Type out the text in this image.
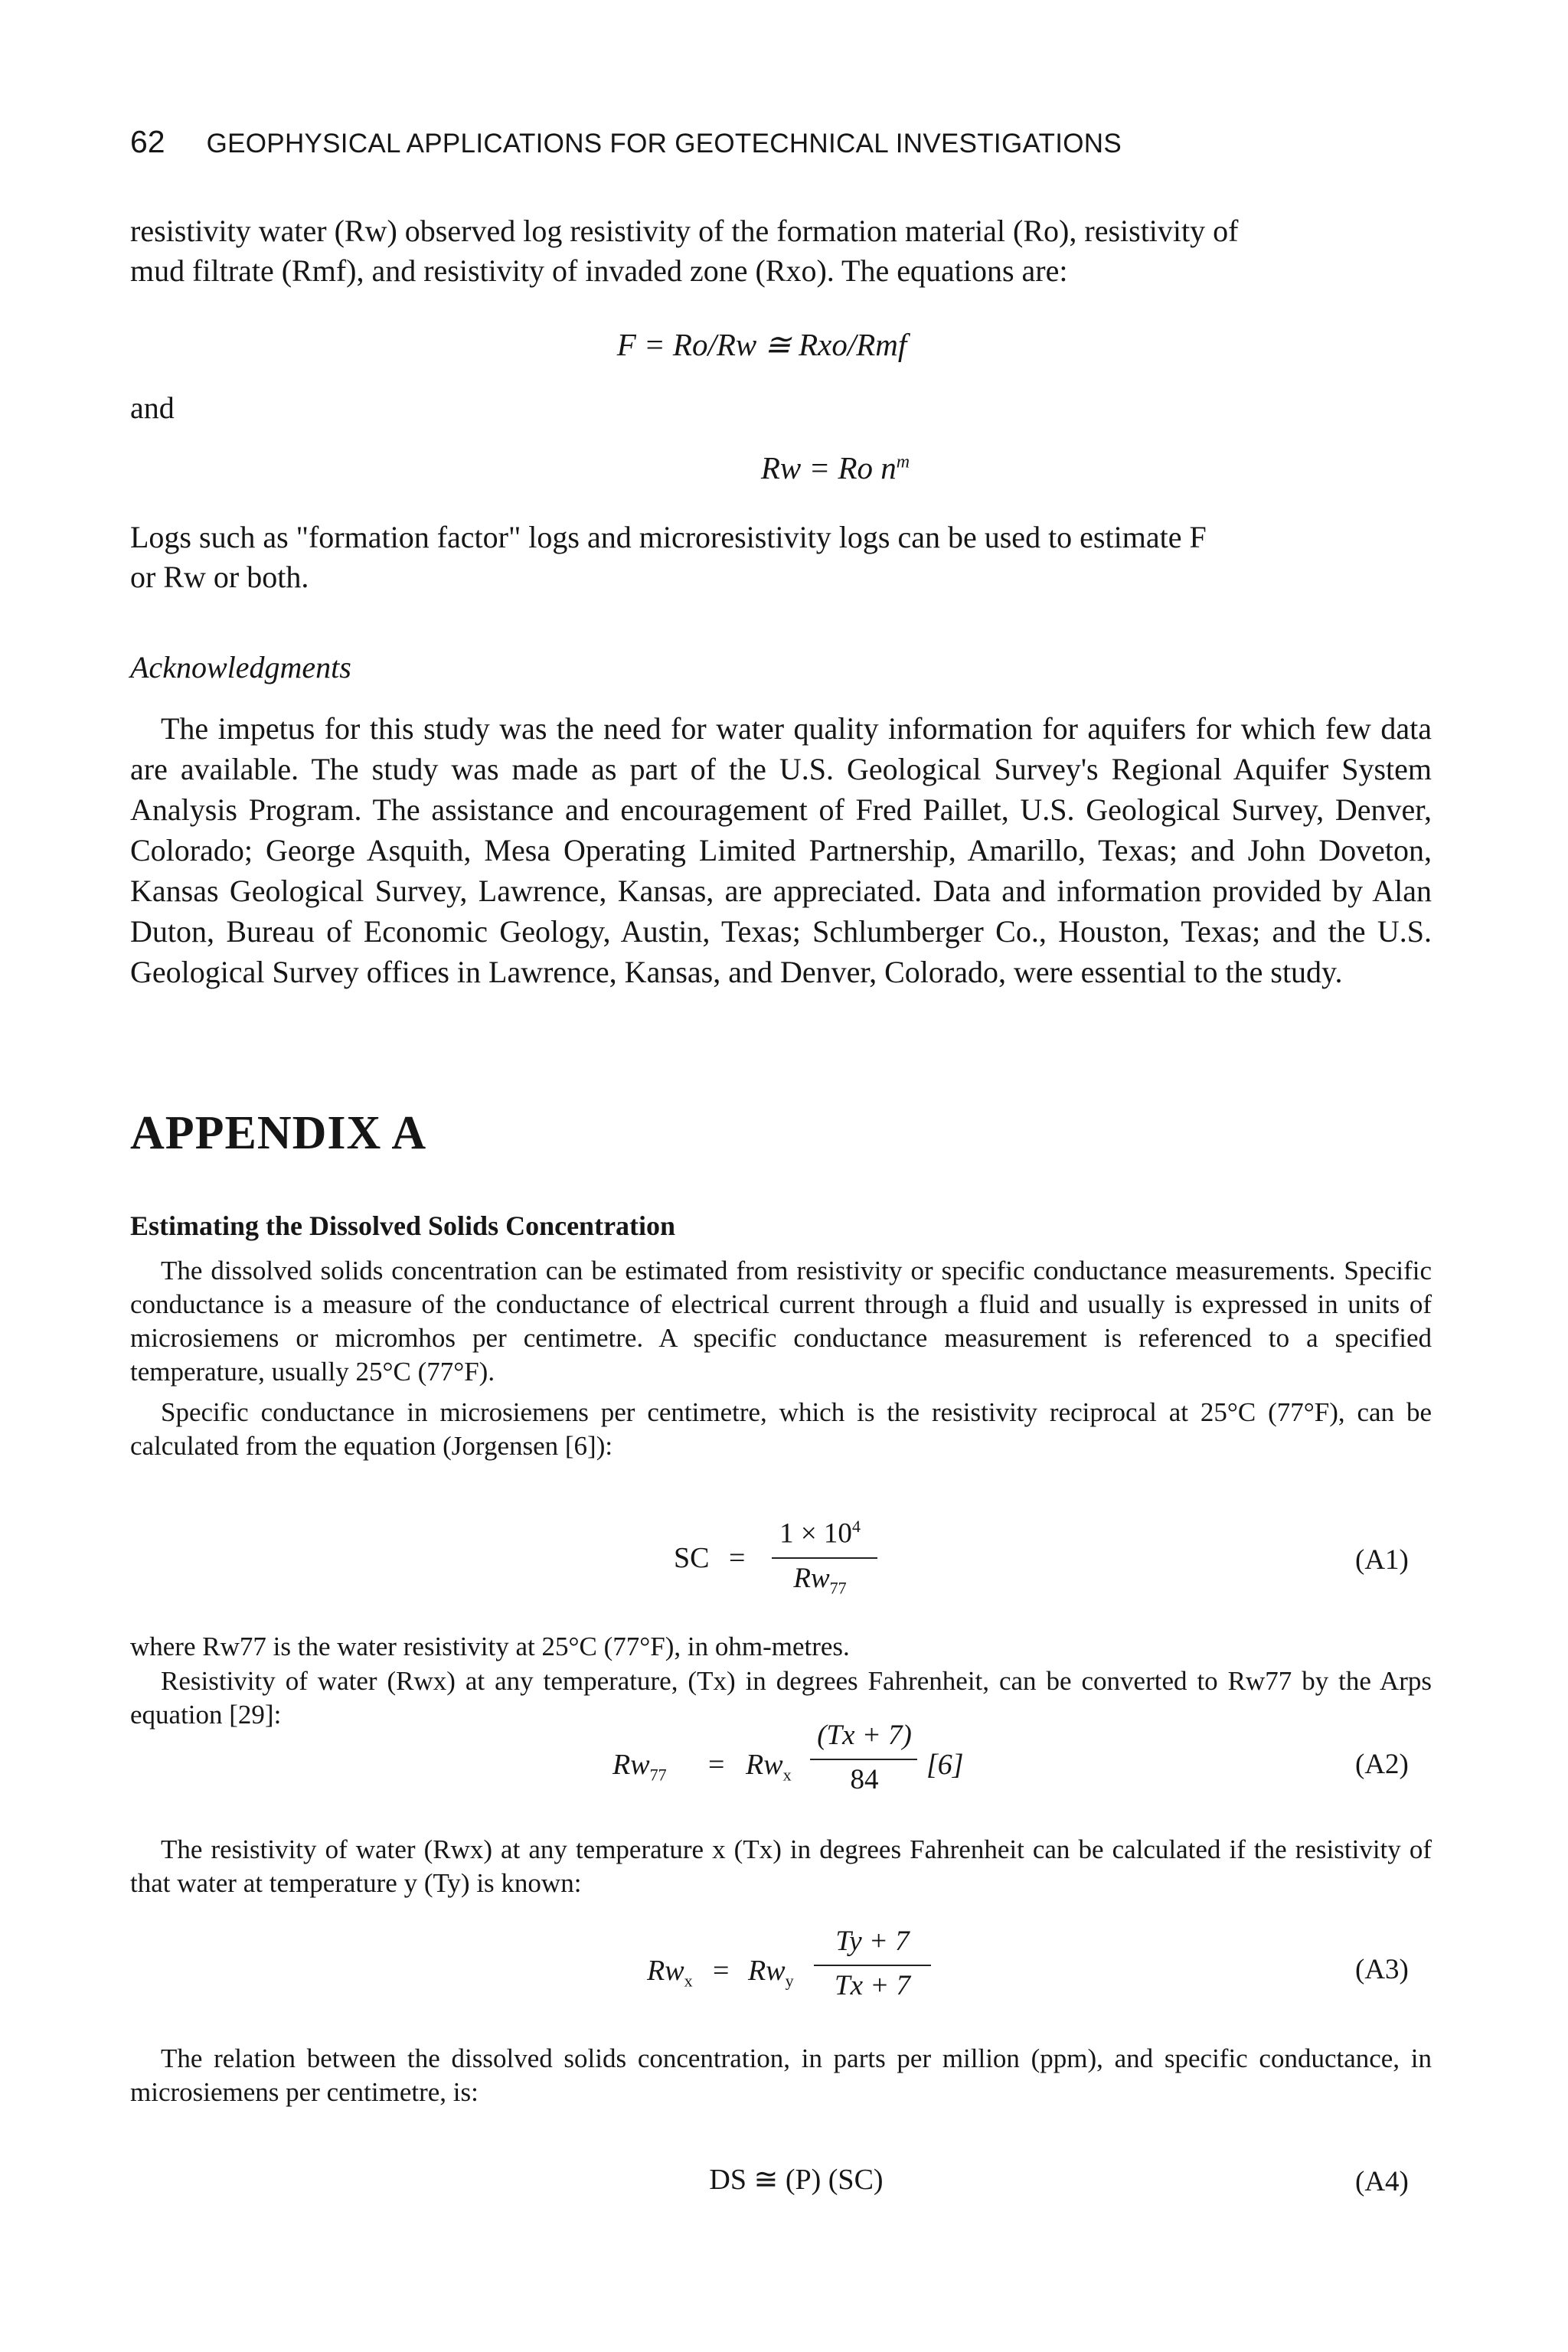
62 GEOPHYSICAL APPLICATIONS FOR GEOTECHNICAL INVESTIGATIONS

resistivity water (Rw) observed log resistivity of the formation material (Ro), resistivity of

mud filtrate (Rmf), and resistivity of invaded zone (Rxo). The equations are:

F = Ro/Rw ≅ Rxo/Rmf
and
Rw = Ro $n^m$

Logs such as "formation factor" logs and microresistivity logs can be used to estimate F

or Rw or both.

Acknowledgments
The impetus for this study was the need for water quality information for aquifers for which few data are available. The study was made as part of the U.S. Geological Survey's Regional Aquifer System Analysis Program. The assistance and encouragement of Fred Paillet, U.S. Geological Survey, Denver, Colorado; George Asquith, Mesa Operating Limited Partnership, Amarillo, Texas; and John Doveton, Kansas Geological Survey, Lawrence, Kansas, are appreciated. Data and information provided by Alan Duton, Bureau of Economic Geology, Austin, Texas; Schlumberger Co., Houston, Texas; and the U.S. Geological Survey offices in Lawrence, Kansas, and Denver, Colorado, were essential to the study.
APPENDIX A
Estimating the Dissolved Solids Concentration
The dissolved solids concentration can be estimated from resistivity or specific conductance measurements. Specific conductance is a measure of the conductance of electrical current through a fluid and usually is expressed in units of microsiemens or micromhos per centimetre. A specific conductance measurement is referenced to a specified temperature, usually 25°C (77°F).
Specific conductance in microsiemens per centimetre, which is the resistivity reciprocal at 25°C (77°F), can be calculated from the equation (Jorgensen [6]):
SC =
$1 \times 10^4$
$Rw_{77}$
(A1)
where Rw77 is the water resistivity at 25°C (77°F), in ohm-metres.
Resistivity of water (Rwx) at any temperature, (Tx) in degrees Fahrenheit, can be converted to Rw77 by the Arps equation [29]:
$Rw_{77} = Rw_x$
(Tx + 7)
84	[6]	(A2)
The resistivity of water (Rwx) at any temperature x (Tx) in degrees Fahrenheit can be calculated if the resistivity of that water at temperature y (Ty) is known:
$Rw_x = Rw_y$
Ty + 7
Tx + 7
(A3)
The relation between the dissolved solids concentration, in parts per million (ppm), and specific conductance, in microsiemens per centimetre, is:
DS ≅ (P) (SC)	(A4)
